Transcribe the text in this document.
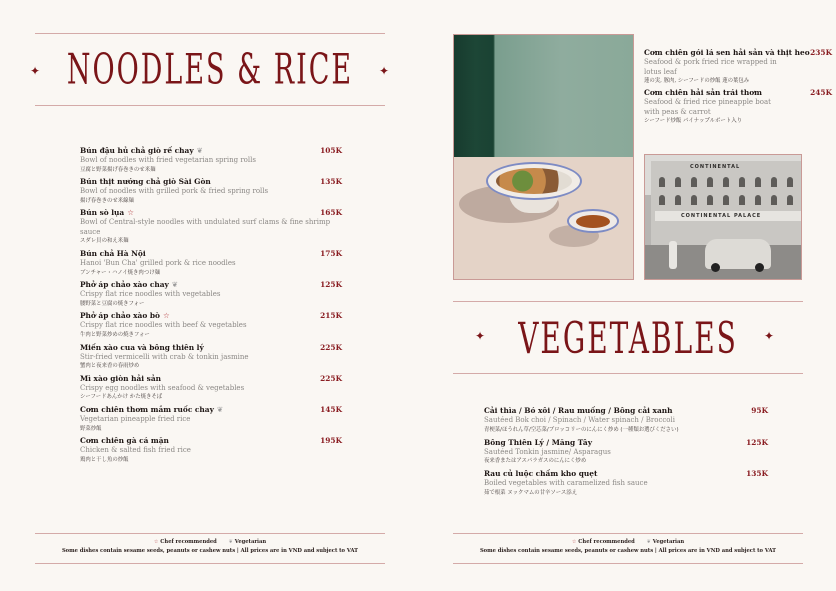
✦ NOODLES & RICE ✦
Bún đậu hủ chả giò rế chay ❦	105K
Bowl of noodles with fried vegetarian spring rolls
豆腐と野菜揚げ春巻きのせ米麺
Bún thịt nướng chả giò Sài Gòn	135K
Bowl of noodles with grilled pork & fried spring rolls
揚げ春巻きのせ米線麺
Bún sò lụa ☆	165K
Bowl of Central-style noodles with undulated surf clams & fine shrimp sauce
スダレ貝の和え米麺
Bún chả Hà Nội	175K
Hanoi 'Bun Cha' grilled pork & rice noodles
ブンチャー・ハノイ焼き肉つけ麺
Phở áp chảo xào chay ❦	125K
Crispy flat rice noodles with vegetables
腰野菜と豆腐の焼きフォー
Phở áp chảo xào bò ☆	215K
Crispy flat rice noodles with beef & vegetables
牛肉と野菜炒めの焼きフォー
Miến xào cua và bông thiên lý	225K
Stir-fried vermicelli with crab & tonkin jasmine
蟹肉と夜来香の春雨炒め
Mì xào giòn hải sản	225K
Crispy egg noodles with seafood & vegetables
シーフードあんかけ かた焼きそば
Cơm chiên thơm mắm ruốc chay ❦	145K
Vegetarian pineapple fried rice
野菜炒飯
Cơm chiên gà cá mặn	195K
Chicken & salted fish fried rice
鶏肉と干し魚の炒飯
☆ Chef recommended ❦ Vegetarian
Some dishes contain sesame seeds, peanuts or cashew nuts | All prices are in VND and subject to VAT
Cơm chiên gói lá sen hải sản và thịt heo 235K
Seafood & pork fried rice wrapped in lotus leaf
蓮の実, 豚肉, シーフードの炒飯 蓮の葉包み
Cơm chiên hải sản trái thơm	245K
Seafood & fried rice pineapple boat with peas & carrot
シーフード炒飯 パイナップルボート入り
CONTINENTAL
CONTINENTAL PALACE
✦ VEGETABLES ✦
Cải thìa / Bó xôi / Rau muống / Bông cải xanh	95K
Sautéed Bok choi / Spinach / Water spinach / Broccoli
青梗菜/ほうれん草/空芯菜/ブロッコリーのにんにく炒め (一種類お選びください)
Bông Thiên Lý / Măng Tây	125K
Sautéed Tonkin jasmine/ Asparagus
夜来香またはアスパラガスのにんにく炒め
Rau củ luộc chấm kho quẹt	135K
Boiled vegetables with caramelized fish sauce
茹で根菜 ヌックマムの甘辛ソース添え
☆ Chef recommended ❦ Vegetarian
Some dishes contain sesame seeds, peanuts or cashew nuts | All prices are in VND and subject to VAT
